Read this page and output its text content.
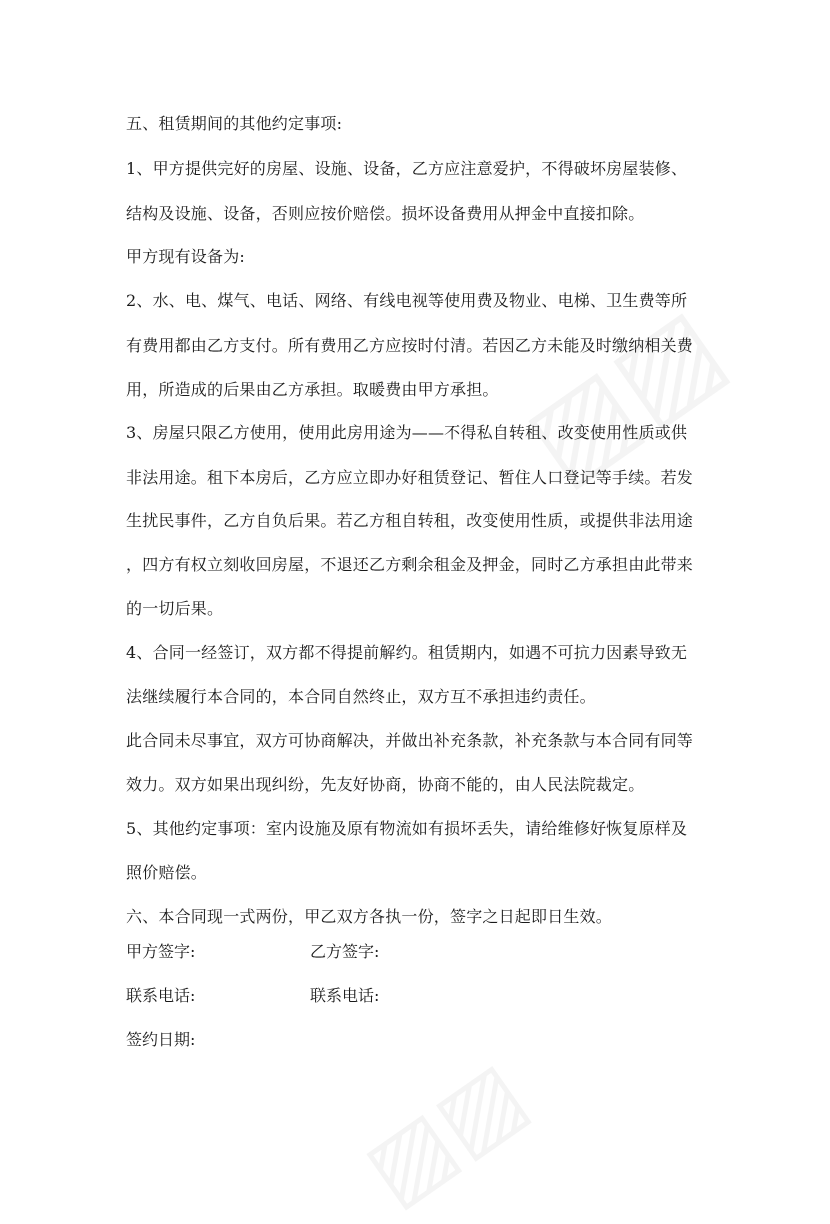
五、租赁期间的其他约定事项:
1、甲方提供完好的房屋、设施、设备，乙方应注意爱护，不得破坏房屋装修、
结构及设施、设备，否则应按价赔偿。损坏设备费用从押金中直接扣除。
甲方现有设备为:
2、水、电、煤气、电话、网络、有线电视等使用费及物业、电梯、卫生费等所
有费用都由乙方支付。所有费用乙方应按时付清。若因乙方未能及时缴纳相关费
用，所造成的后果由乙方承担。取暖费由甲方承担。
3、房屋只限乙方使用，使用此房用途为——不得私自转租、改变使用性质或供
非法用途。租下本房后，乙方应立即办好租赁登记、暂住人口登记等手续。若发
生扰民事件，乙方自负后果。若乙方租自转租，改变使用性质，或提供非法用途
，四方有权立刻收回房屋，不退还乙方剩余租金及押金，同时乙方承担由此带来
的一切后果。
4、合同一经签订，双方都不得提前解约。租赁期内，如遇不可抗力因素导致无
法继续履行本合同的，本合同自然终止，双方互不承担违约责任。
此合同未尽事宜，双方可协商解决，并做出补充条款，补充条款与本合同有同等
效力。双方如果出现纠纷，先友好协商，协商不能的，由人民法院裁定。
5、其他约定事项：室内设施及原有物流如有损坏丢失，请给维修好恢复原样及
照价赔偿。
六、本合同现一式两份，甲乙双方各执一份，签字之日起即日生效。
甲方签字:	乙方签字:
联系电话:	联系电话:
签约日期:
